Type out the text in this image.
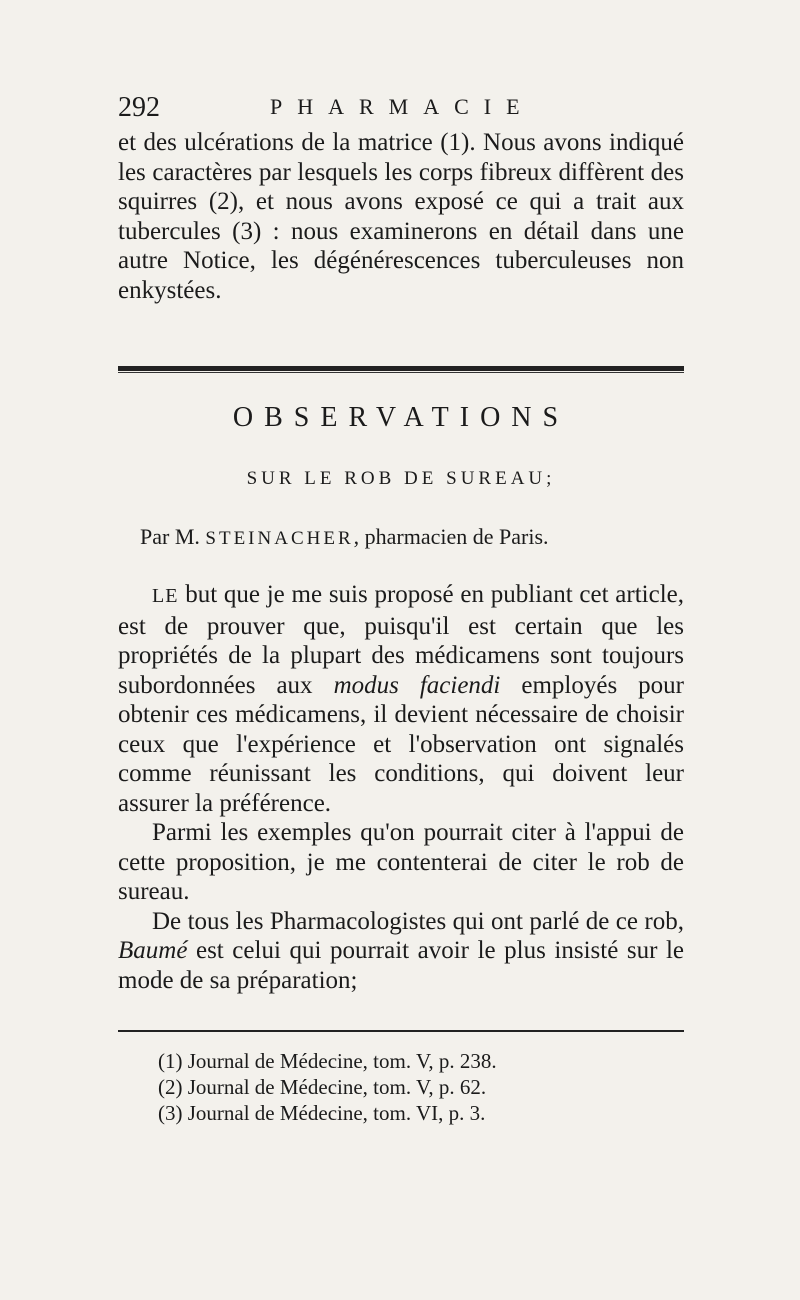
292	PHARMACIE

et des ulcérations de la matrice (1). Nous avons indiqué les caractères par lesquels les corps fibreux diffèrent des squirres (2), et nous avons exposé ce qui a trait aux tubercules (3) : nous examinerons en détail dans une autre Notice, les dégénérescences tuberculeuses non enkystées.

OBSERVATIONS
SUR LE ROB DE SUREAU;
Par M. STEINACHER, pharmacien de Paris.

LE but que je me suis proposé en publiant cet article, est de prouver que, puisqu'il est certain que les propriétés de la plupart des médicamens sont toujours subordonnées aux modus faciendi employés pour obtenir ces médicamens, il devient nécessaire de choisir ceux que l'expérience et l'observation ont signalés comme réunissant les conditions, qui doivent leur assurer la préférence.

Parmi les exemples qu'on pourrait citer à l'appui de cette proposition, je me contenterai de citer le rob de sureau.

De tous les Pharmacologistes qui ont parlé de ce rob, Baumé est celui qui pourrait avoir le plus insisté sur le mode de sa préparation;

(1) Journal de Médecine, tom. V, p. 238.
(2) Journal de Médecine, tom. V, p. 62.
(3) Journal de Médecine, tom. VI, p. 3.
